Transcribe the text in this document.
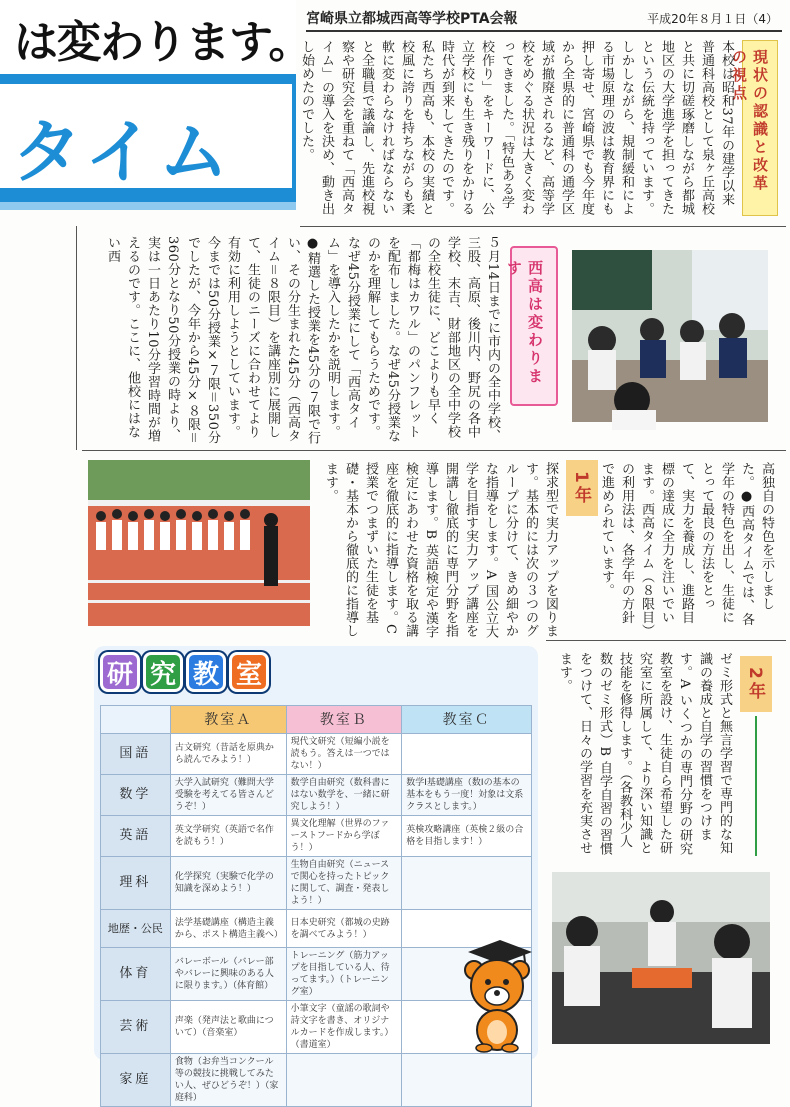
は変わります。
タイム
宮崎県立都城西高等学校PTA会報	平成20年８月１日（4）
現状の認識と改革の視点
本校は昭和37年の建学以来普通科高校として泉ヶ丘高校と共に切磋琢磨しながら都城地区の大学進学を担ってきたという伝統を持っています。しかしながら、規制緩和による市場原理の波は教育界にも押し寄せ、宮崎県でも今年度から全県的に普通科の通学区域が撤廃されるなど、高等学校をめぐる状況は大きく変わってきました。「特色ある学校作り」をキーワードに、公立学校にも生き残りをかける時代が到来してきたのです。私たち西高も、本校の実績と校風に誇りを持ちながらも柔軟に変わらなければならないと全職員で議論し、先進校視察や研究会を重ねて「西高タイム」の導入を決め、動き出し始めたのでした。
西高は変わります
５月14日までに市内の全中学校、三股、高原、後川内、野尻の各中学校、末吉、財部地区の全中学校の全校生徒に、どこよりも早く「都梅はカワル」のパンフレットを配布しました。なぜ45分授業なのかを理解してもらうためです。なぜ45分授業にして「西高タイム」を導入したかを説明します。●精選した授業を45分の７限で行い、その分生まれた45分（西高タイム＝８限目）を講座別に展開して、生徒のニーズに合わせてより有効に利用しようとしています。今までは50分授業×７限＝350分でしたが、今年から45分×８限＝360分となり50分授業の時より、実は一日あたり10分学習時間が増えるのです。ここに、他校にはない西
1年
探求型で実力アップを図ります。基本的には次の３つのグループに分けて、きめ細やかな指導をします。A 国公立大学を目指す実力アップ講座を開講し徹底的に専門分野を指導します。B 英語検定や漢字検定にあわせた資格を取る講座を徹底的に指導します。C 授業でつまずいた生徒を基礎・基本から徹底的に指導します。	高独自の特色を示しました。●西高タイムでは、各学年の特色を出し、生徒にとって最良の方法をとって、実力を養成し、進路目標の達成に全力を注いでいます。西高タイム（８限目）の利用法は、各学年の方針で進められています。
2年
ゼミ形式と無言学習で専門的な知識の養成と自学の習慣をつけます。A いくつかの専門分野の研究教室を設け、生徒自ら希望した研究室に所属して、より深い知識と技能を修得します。（各教科少人数のゼミ形式）B 自学自習の習慣をつけて、日々の学習を充実させます。
研 究 教 室
	教室Ａ	教室Ｂ	教室Ｃ
国語	古文研究（昔話を原典から読んでみよう！）	現代文研究（短編小説を読もう。答えは一つではない！）	
数学	大学入試研究（難問大学受験を考えてる皆さんどうぞ！）	数学自由研究（数科書にはない数学を、一緒に研究しよう！）	数学Ⅰ基礎講座（数Ⅰの基本の基本をもう一度！対象は文系クラスとします。）
英語	英文学研究（英語で名作を読もう！）	異文化理解（世界のファーストフードから学ぼう！）	英検攻略講座（英検２級の合格を目指します！）
理科	化学探究（実験で化学の知識を深めよう！）	生物自由研究（ニュースで関心を持ったトピックに関して、調査・発表しよう！）	
地歴・公民	法学基礎講座（構造主義から、ポスト構造主義へ）	日本史研究（都城の史跡を調べてみよう！）	
体育	バレーボール（バレー部やバレーに興味のある人に限ります。）（体育館）	トレーニング（筋力アップを目指している人、待ってます。）（トレーニング室）	
芸術	声楽（発声法と歌曲について）（音楽室）	小筆文字（童謡の歌詞や詩文字を書き、オリジナルカードを作成します。）（書道室）	
家庭	食物（お弁当コンクール等の競技に挑戦してみたい人、ぜひどうぞ！）（家庭科）		
